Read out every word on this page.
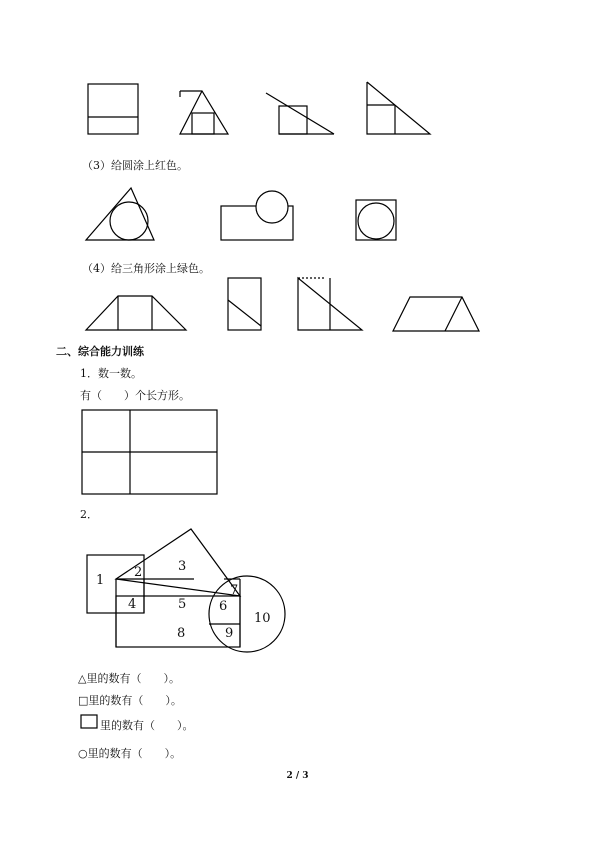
（3）给圆涂上红色。
（4）给三角形涂上绿色。
二、综合能力训练
1．数一数。
有（　　）个长方形。
2．
1
2	3
4	5	6
7
8	9
10
△里的数有（　　）。
□里的数有（　　）。
里的数有（　　）。
○里的数有（　　）。
2 / 3
